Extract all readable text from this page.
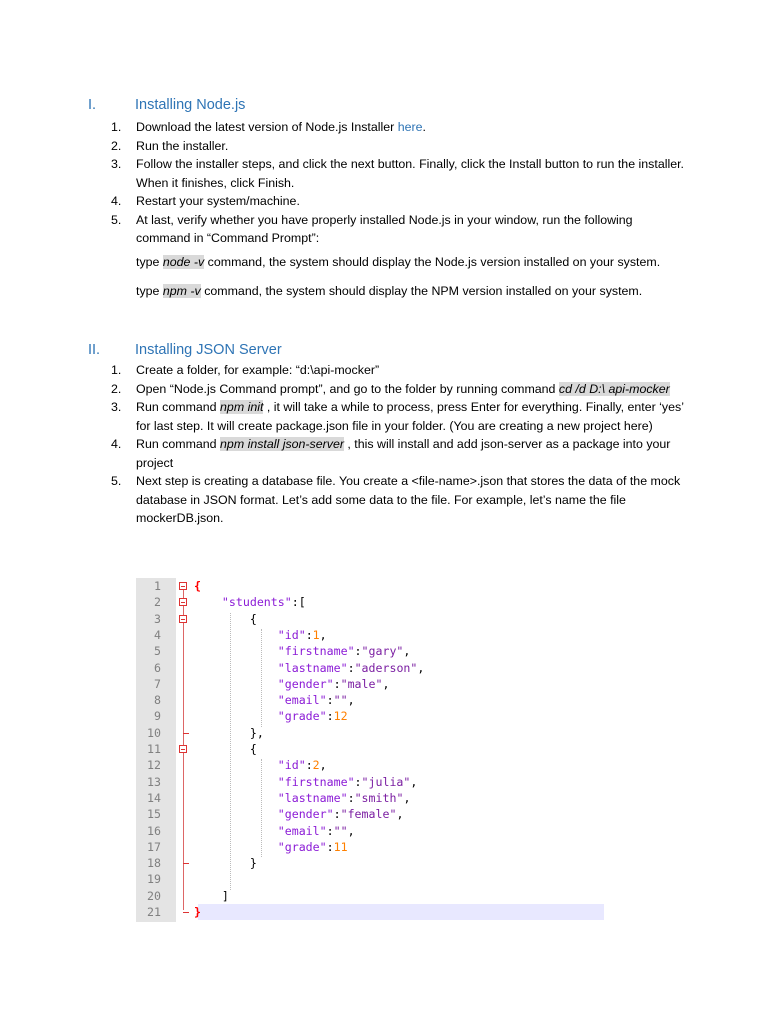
I.	Installing Node.js
1. Download the latest version of Node.js Installer here.
2. Run the installer.
3. Follow the installer steps, and click the next button. Finally, click the Install button to run the installer. When it finishes, click Finish.
4. Restart your system/machine.
5. At last, verify whether you have properly installed Node.js in your window, run the following command in “Command Prompt”:
type node -v command, the system should display the Node.js version installed on your system.
type npm -v command, the system should display the NPM version installed on your system.
II.	Installing JSON Server
1. Create a folder, for example: “d:\api-mocker”
2. Open “Node.js Command prompt”, and go to the folder by running command cd /d D:\ api-mocker
3. Run command npm init , it will take a while to process, press Enter for everything. Finally, enter ‘yes’ for last step. It will create package.json file in your folder. (You are creating a new project here)
4. Run command npm install json-server , this will install and add json-server as a package into your project
5. Next step is creating a database file. You create a <file-name>.json that stores the data of the mock database in JSON format. Let’s add some data to the file. For example, let’s name the file mockerDB.json.
1	{
2	"students":[
3	{
4	"id":1,
5	"firstname":"gary",
6	"lastname":"aderson",
7	"gender":"male",
8	"email":"",
9	"grade":12
10	},
11	{
12	"id":2,
13	"firstname":"julia",
14	"lastname":"smith",
15	"gender":"female",
16	"email":"",
17	"grade":11
18	}
19
20	]
21	}
